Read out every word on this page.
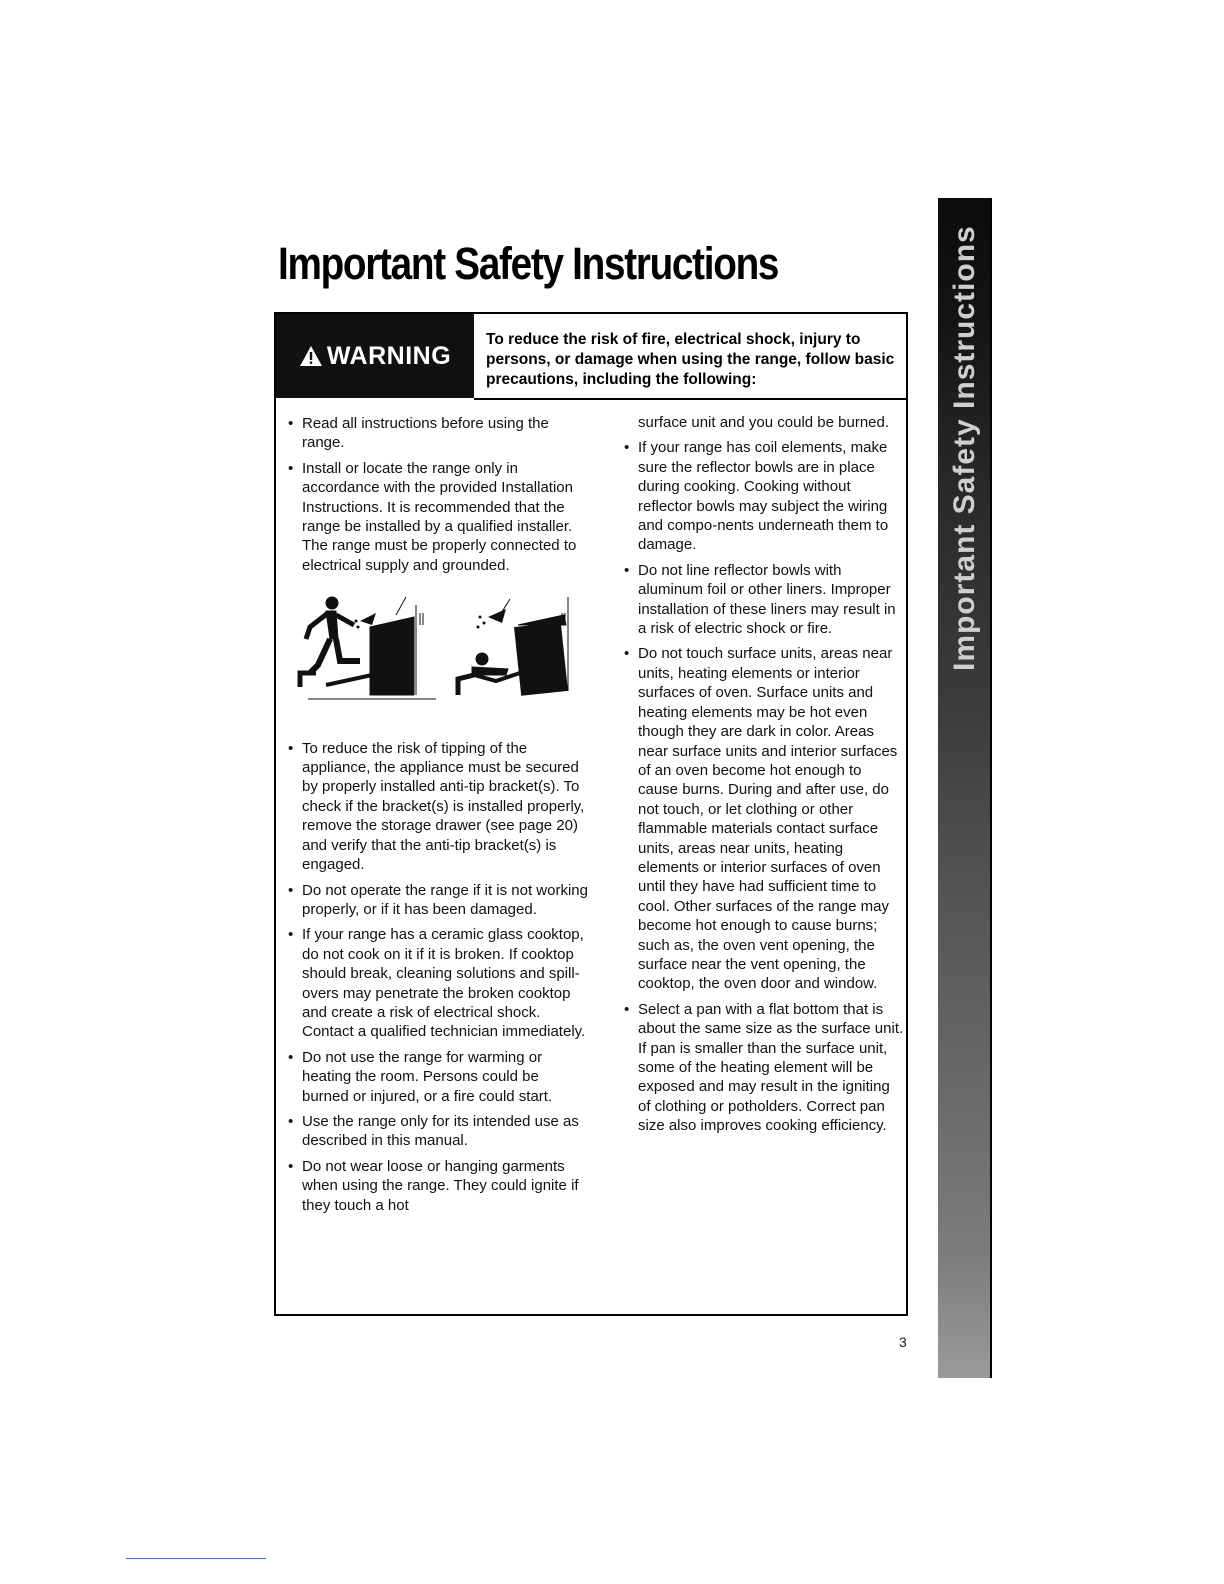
Important Safety Instructions
WARNING

To reduce the risk of fire, electrical shock, injury to persons, or damage when using the range, follow basic precautions, including the following:

• Read all instructions before using the range.
• Install or locate the range only in accordance with the provided Installation Instructions. It is recommended that the range be installed by a qualified installer. The range must be properly connected to electrical supply and grounded.
• To reduce the risk of tipping of the appliance, the appliance must be secured by properly installed anti-tip bracket(s). To check if the bracket(s) is installed properly, remove the storage drawer (see page 20) and verify that the anti-tip bracket(s) is engaged.
• Do not operate the range if it is not working properly, or if it has been damaged.
• If your range has a ceramic glass cooktop, do not cook on it if it is broken. If cooktop should break, cleaning solutions and spill-overs may penetrate the broken cooktop and create a risk of electrical shock. Contact a qualified technician immediately.
• Do not use the range for warming or heating the room. Persons could be burned or injured, or a fire could start.
• Use the range only for its intended use as described in this manual.
• Do not wear loose or hanging garments when using the range. They could ignite if they touch a hot
surface unit and you could be burned.
• If your range has coil elements, make sure the reflector bowls are in place during cooking. Cooking without reflector bowls may subject the wiring and compo-nents underneath them to damage.
• Do not line reflector bowls with aluminum foil or other liners. Improper installation of these liners may result in a risk of electric shock or fire.
• Do not touch surface units, areas near units, heating elements or interior surfaces of oven. Surface units and heating elements may be hot even though they are dark in color. Areas near surface units and interior surfaces of an oven become hot enough to cause burns. During and after use, do not touch, or let clothing or other flammable materials contact surface units, areas near units, heating elements or interior surfaces of oven until they have had sufficient time to cool. Other surfaces of the range may become hot enough to cause burns; such as, the oven vent opening, the surface near the vent opening, the cooktop, the oven door and window.
• Select a pan with a flat bottom that is about the same size as the surface unit. If pan is smaller than the surface unit, some of the heating element will be exposed and may result in the igniting of clothing or potholders. Correct pan size also improves cooking efficiency.
3
Important Safety Instructions
